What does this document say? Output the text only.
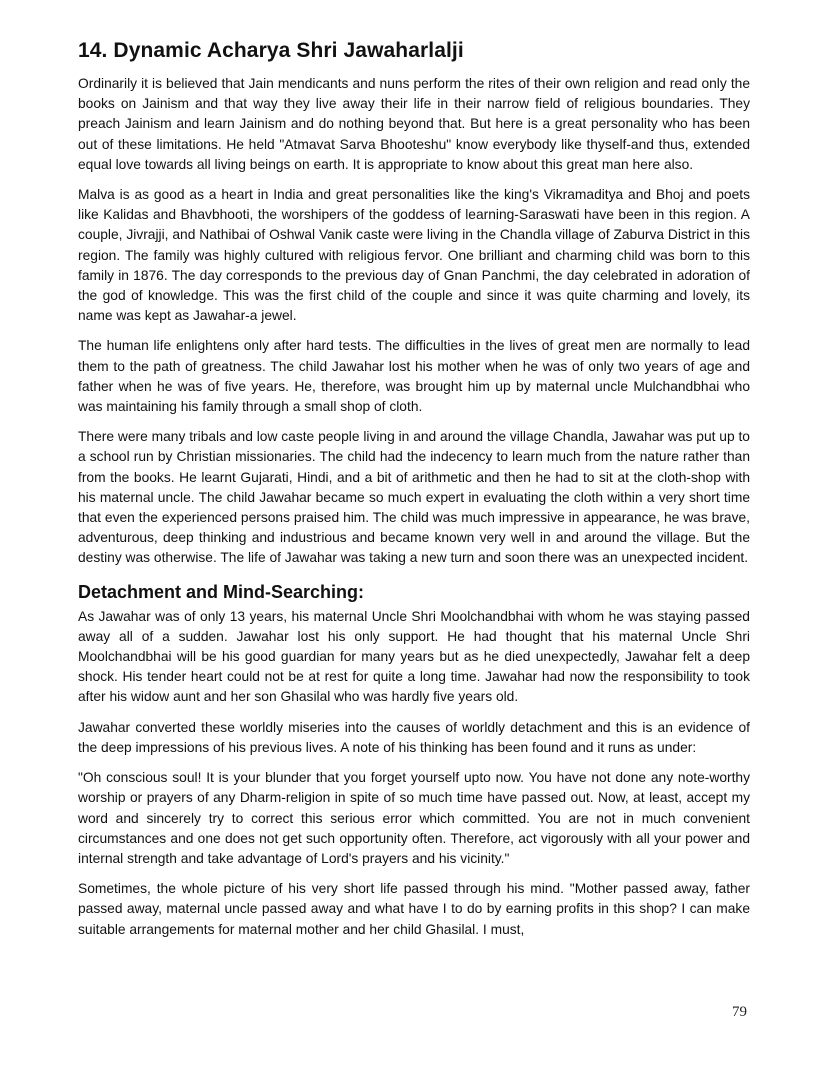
14. Dynamic Acharya Shri Jawaharlalji

Ordinarily it is believed that Jain mendicants and nuns perform the rites of their own religion and read only the books on Jainism and that way they live away their life in their narrow field of religious boundaries. They preach Jainism and learn Jainism and do nothing beyond that. But here is a great personality who has been out of these limitations. He held "Atmavat Sarva Bhooteshu" know everybody like thyself-and thus, extended equal love towards all living beings on earth. It is appropriate to know about this great man here also.

Malva is as good as a heart in India and great personalities like the king's Vikramaditya and Bhoj and poets like Kalidas and Bhavbhooti, the worshipers of the goddess of learning-Saraswati have been in this region. A couple, Jivrajji, and Nathibai of Oshwal Vanik caste were living in the Chandla village of Zaburva District in this region. The family was highly cultured with religious fervor. One brilliant and charming child was born to this family in 1876. The day corresponds to the previous day of Gnan Panchmi, the day celebrated in adoration of the god of knowledge. This was the first child of the couple and since it was quite charming and lovely, its name was kept as Jawahar-a jewel.

The human life enlightens only after hard tests. The difficulties in the lives of great men are normally to lead them to the path of greatness. The child Jawahar lost his mother when he was of only two years of age and father when he was of five years. He, therefore, was brought him up by maternal uncle Mulchandbhai who was maintaining his family through a small shop of cloth.

There were many tribals and low caste people living in and around the village Chandla, Jawahar was put up to a school run by Christian missionaries. The child had the indecency to learn much from the nature rather than from the books. He learnt Gujarati, Hindi, and a bit of arithmetic and then he had to sit at the cloth-shop with his maternal uncle. The child Jawahar became so much expert in evaluating the cloth within a very short time that even the experienced persons praised him. The child was much impressive in appearance, he was brave, adventurous, deep thinking and industrious and became known very well in and around the village. But the destiny was otherwise. The life of Jawahar was taking a new turn and soon there was an unexpected incident.

Detachment and Mind-Searching:

As Jawahar was of only 13 years, his maternal Uncle Shri Moolchandbhai with whom he was staying passed away all of a sudden. Jawahar lost his only support. He had thought that his maternal Uncle Shri Moolchandbhai will be his good guardian for many years but as he died unexpectedly, Jawahar felt a deep shock. His tender heart could not be at rest for quite a long time. Jawahar had now the responsibility to took after his widow aunt and her son Ghasilal who was hardly five years old.

Jawahar converted these worldly miseries into the causes of worldly detachment and this is an evidence of the deep impressions of his previous lives. A note of his thinking has been found and it runs as under:

"Oh conscious soul! It is your blunder that you forget yourself upto now. You have not done any note-worthy worship or prayers of any Dharm-religion in spite of so much time have passed out. Now, at least, accept my word and sincerely try to correct this serious error which committed. You are not in much convenient circumstances and one does not get such opportunity often. Therefore, act vigorously with all your power and internal strength and take advantage of Lord's prayers and his vicinity."

Sometimes, the whole picture of his very short life passed through his mind. "Mother passed away, father passed away, maternal uncle passed away and what have I to do by earning profits in this shop? I can make suitable arrangements for maternal mother and her child Ghasilal. I must,

79
